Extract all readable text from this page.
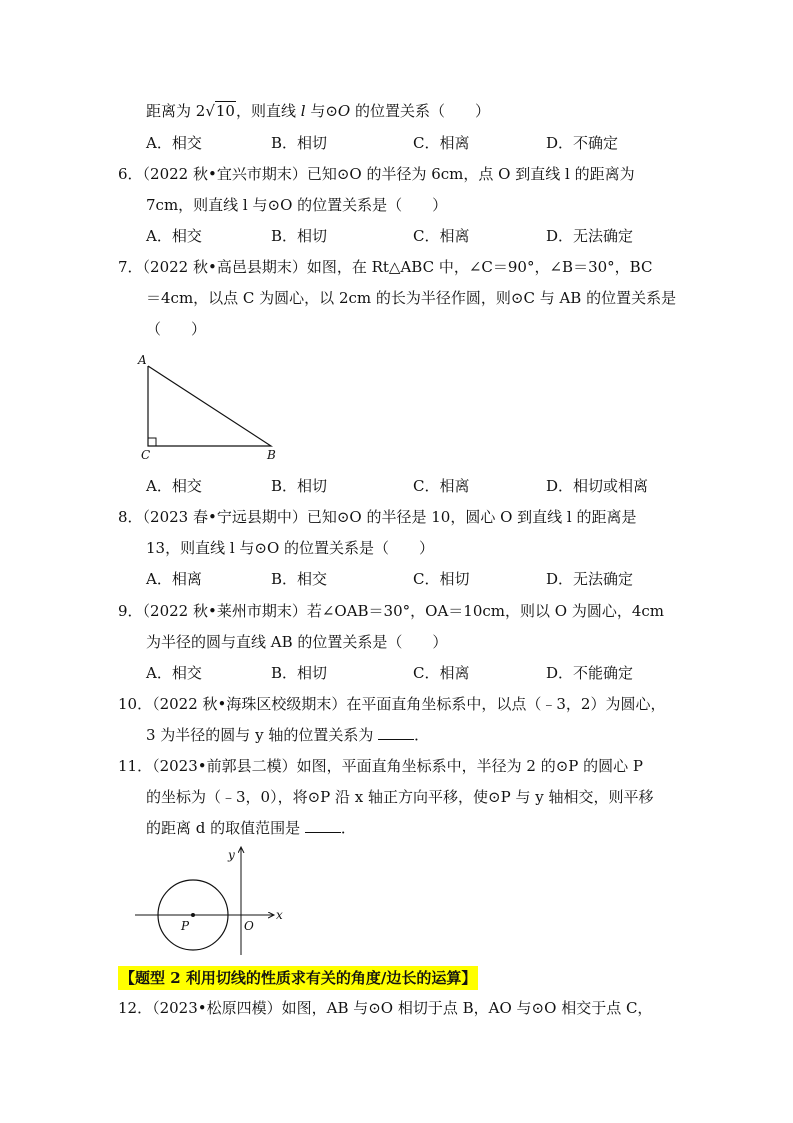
距离为 2√10，则直线 l 与⊙O 的位置关系（　　）
A．相交	B．相切	C．相离	D．不确定
6．（2022 秋•宜兴市期末）已知⊙O 的半径为 6cm，点 O 到直线 l 的距离为
7cm，则直线 l 与⊙O 的位置关系是（　　）
A．相交	B．相切	C．相离	D．无法确定
7．（2022 秋•高邑县期末）如图，在 Rt△ABC 中，∠C＝90°，∠B＝30°，BC
＝4cm，以点 C 为圆心，以 2cm 的长为半径作圆，则⊙C 与 AB 的位置关系是
（　　）
A
C	B
A．相交	B．相切	C．相离	D．相切或相离
8．（2023 春•宁远县期中）已知⊙O 的半径是 10，圆心 O 到直线 l 的距离是
13，则直线 l 与⊙O 的位置关系是（　　）
A．相离	B．相交	C．相切	D．无法确定
9．（2022 秋•莱州市期末）若∠OAB＝30°，OA＝10cm，则以 O 为圆心，4cm
为半径的圆与直线 AB 的位置关系是（　　）
A．相交	B．相切	C．相离	D．不能确定
10．（2022 秋•海珠区校级期末）在平面直角坐标系中，以点（﹣3，2）为圆心，
3 为半径的圆与 y 轴的位置关系为	．
11．（2023•前郭县二模）如图，平面直角坐标系中，半径为 2 的⊙P 的圆心 P
的坐标为（﹣3，0），将⊙P 沿 x 轴正方向平移，使⊙P 与 y 轴相交，则平移
的距离 d 的取值范围是	．
y
x
P	O
【题型 2 利用切线的性质求有关的角度/边长的运算】
12．（2023•松原四模）如图，AB 与⊙O 相切于点 B，AO 与⊙O 相交于点 C，
